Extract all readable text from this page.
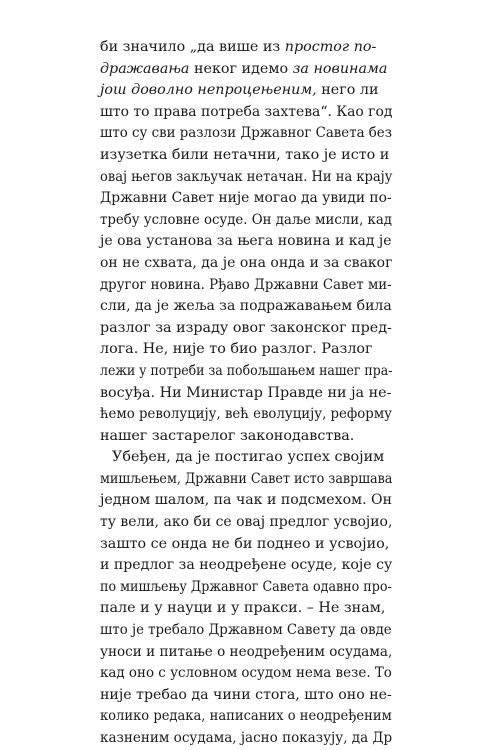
би значило „да више из простог по-
дражавања неког идемо за новинама
још доволно непроцењеним, него ли
што то права потреба захтева“. Као год
што су сви разлози Државног Савета без
изузетка били нетачни, тако је исто и
овај његов закључак нетачан. Ни на крају
Државни Савет није могао да увиди по-
требу условне осуде. Он даље мисли, кад
је ова установа за њега новина и кад је
он не схвата, да је она онда и за сваког
другог новина. Рђаво Државни Савет ми-
сли, да је жеља за подражавањем била
разлог за израду овог законског пред-
лога. Не, није то био разлог. Разлог
лежи у потреби за побољшањем нашег пра-
восуђа. Ни Министар Правде ни ја не-
ћемо револуцију, већ еволуцију, реформу
нашег застарелог законодавства.
Убеђен, да је постигао успех својим
мишљењем, Државни Савет исто завршава
једном шалом, па чак и подсмехом. Он
ту вели, ако би се овај предлог усвојио,
зашто се онда не би поднео и усвојио,
и предлог за неодређене осуде, које су
по мишљењу Државног Савета одавно про-
пале и у науци и у пракси. – Не знам,
што је требало Државном Савету да овде
уноси и питање о неодређеним осудама,
кад оно с условном осудом нема везе. То
није требао да чини стога, што оно не-
колико редака, написаних о неодређеним
казненим осудама, јасно показују, да Др
